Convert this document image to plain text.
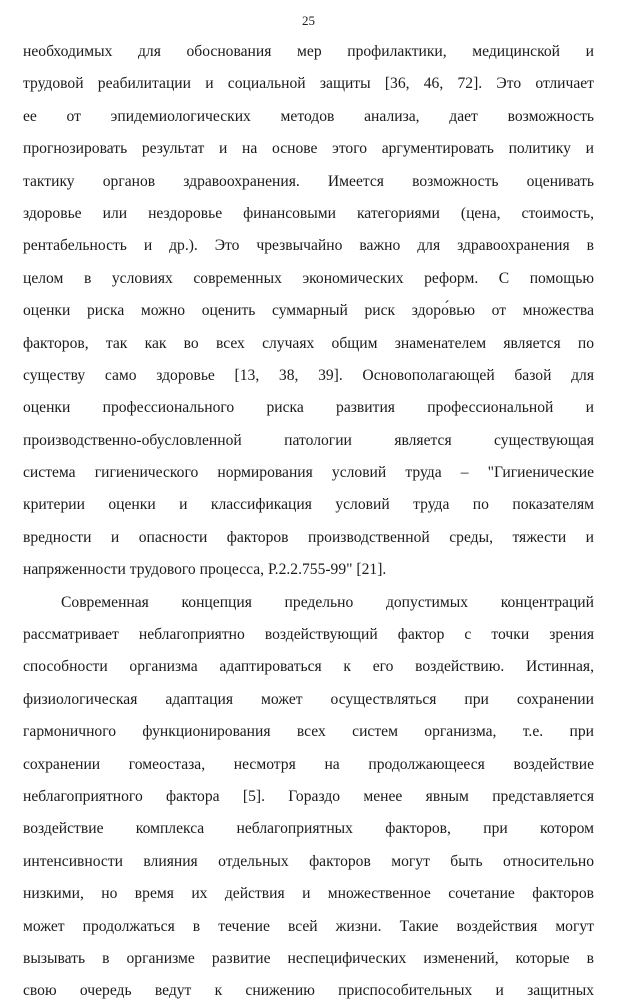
25
необходимых для обоснования мер профилактики, медицинской и
трудовой реабилитации и социальной защиты [36, 46, 72]. Это отличает
ее от эпидемиологических методов анализа, дает возможность
прогнозировать результат и на основе этого аргументировать политику и
тактику органов здравоохранения. Имеется возможность оценивать
здоровье или нездоровье финансовыми категориями (цена, стоимость,
рентабельность и др.). Это чрезвычайно важно для здравоохранения в
целом в условиях современных экономических реформ. С помощью
оценки риска можно оценить суммарный риск здоро́вью от множества
факторов, так как во всех случаях общим знаменателем является по
существу само здоровье [13, 38, 39]. Основополагающей базой для
оценки профессионального риска развития профессиональной и
производственно-обусловленной патологии является существующая
система гигиенического нормирования условий труда – "Гигиенические
критерии оценки и классификация условий труда по показателям
вредности и опасности факторов производственной среды, тяжести и
напряженности трудового процесса, Р.2.2.755-99" [21].
Современная концепция предельно допустимых концентраций
рассматривает неблагоприятно воздействующий фактор с точки зрения
способности организма адаптироваться к его воздействию. Истинная,
физиологическая адаптация может осуществляться при сохранении
гармоничного функционирования всех систем организма, т.е. при
сохранении гомеостаза, несмотря на продолжающееся воздействие
неблагоприятного фактора [5]. Гораздо менее явным представляется
воздействие комплекса неблагоприятных факторов, при котором
интенсивности влияния отдельных факторов могут быть относительно
низкими, но время их действия и множественное сочетание факторов
может продолжаться в течение всей жизни. Такие воздействия могут
вызывать в организме развитие неспецифических изменений, которые в
свою очередь ведут к снижению приспособительных и защитных
